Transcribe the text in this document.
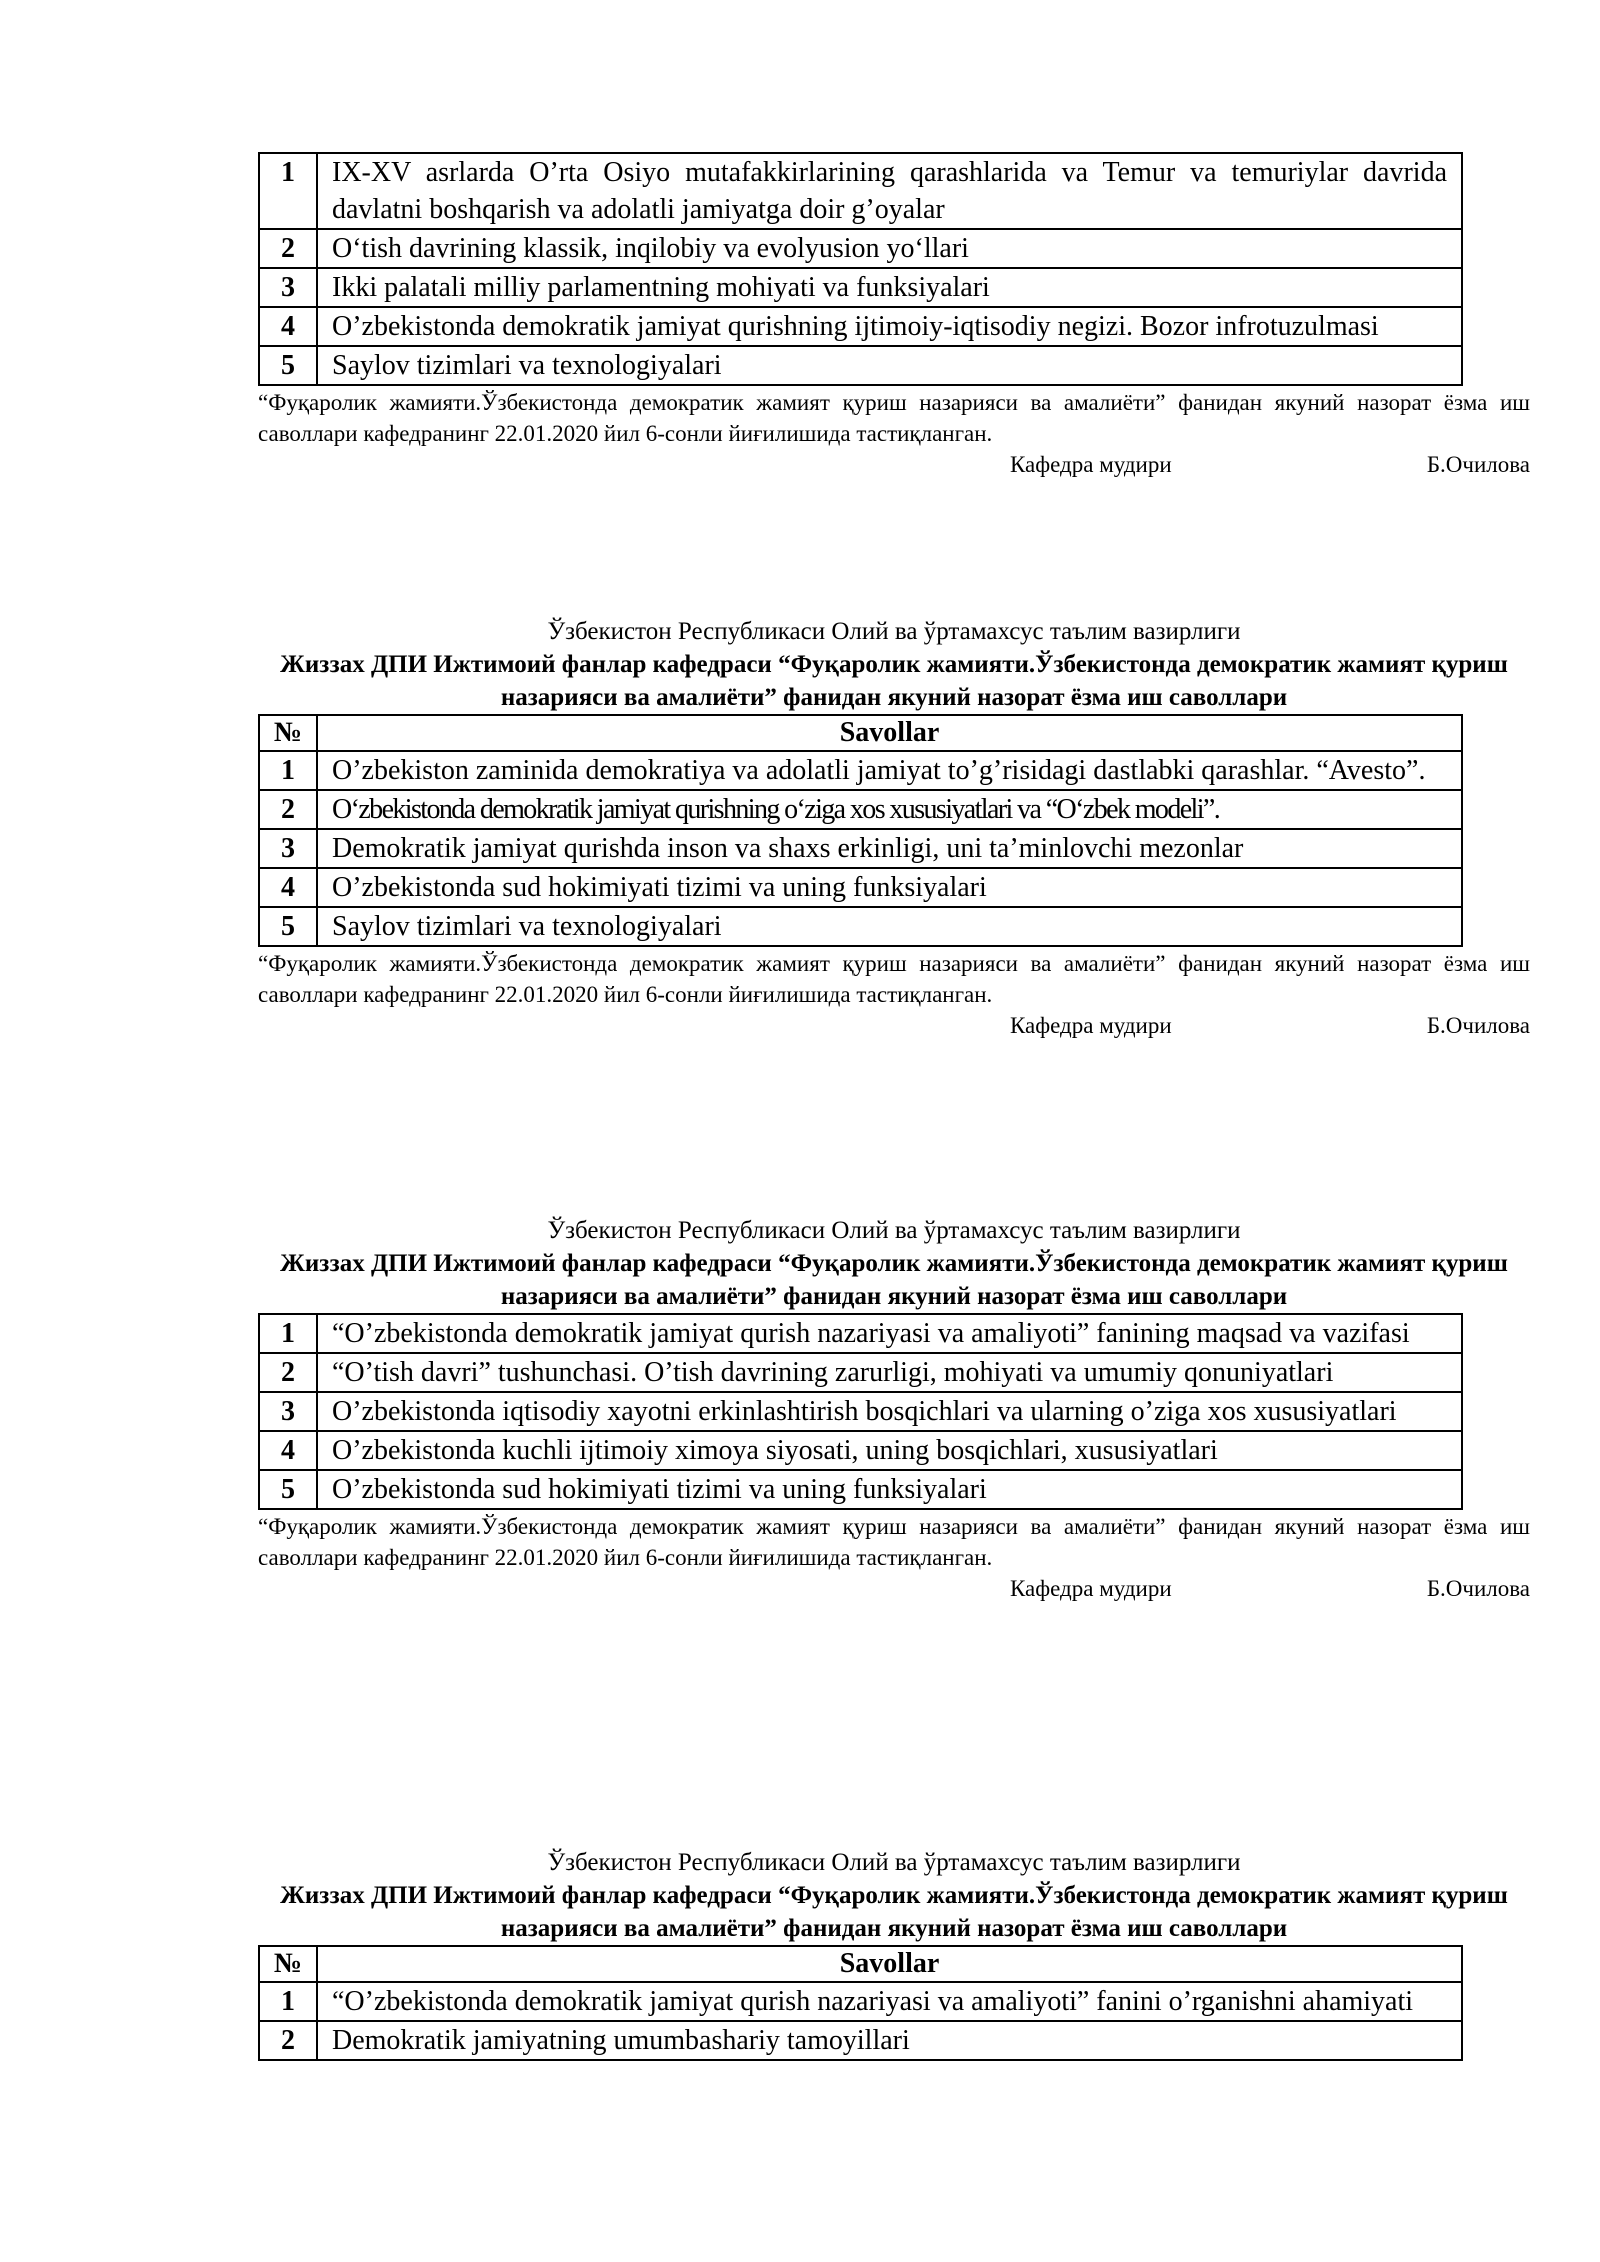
1	IX-XV asrlarda O’rta Osiyo mutafakkirlarining qarashlarida va Temur va temuriylar davrida davlatni boshqarish va adolatli jamiyatga doir g’oyalar
2	O‘tish davrining klassik, inqilobiy va evolyusion yo‘llari
3	Ikki palatali milliy parlamentning mohiyati va funksiyalari
4	O’zbekistonda demokratik jamiyat qurishning ijtimoiy-iqtisodiy negizi. Bozor infrotuzulmasi
5	Saylov tizimlari va texnologiyalari
“Фуқаролик жамияти.Ўзбекистонда демократик жамият қуриш назарияси ва амалиёти” фанидан якуний назорат ёзма иш саволлари кафедранинг 22.01.2020 йил 6-сонли йиғилишида тастиқланган.
Кафедра мудири	Б.Очилова
Ўзбекистон Республикаси Олий ва ўртамахсус таълим вазирлиги
Жиззах ДПИ Ижтимоий фанлар кафедраси “Фуқаролик жамияти.Ўзбекистонда демократик жамият қуриш назарияси ва амалиёти” фанидан якуний назорат ёзма иш саволлари
№	Savollar
1	O’zbekiston zaminida demokratiya va adolatli jamiyat to’g’risidagi dastlabki qarashlar. “Avesto”.
2	O‘zbekistonda demokratik jamiyat qurishning o‘ziga xos xususiyatlari va “O‘zbek modeli”.
3	Demokratik jamiyat qurishda inson va shaxs erkinligi, uni ta’minlovchi mezonlar
4	O’zbekistonda sud hokimiyati tizimi va uning funksiyalari
5	Saylov tizimlari va texnologiyalari
“Фуқаролик жамияти.Ўзбекистонда демократик жамият қуриш назарияси ва амалиёти” фанидан якуний назорат ёзма иш саволлари кафедранинг 22.01.2020 йил 6-сонли йиғилишида тастиқланган.
Кафедра мудири	Б.Очилова
Ўзбекистон Республикаси Олий ва ўртамахсус таълим вазирлиги
Жиззах ДПИ Ижтимоий фанлар кафедраси “Фуқаролик жамияти.Ўзбекистонда демократик жамият қуриш назарияси ва амалиёти” фанидан якуний назорат ёзма иш саволлари
1	“O’zbekistonda demokratik jamiyat qurish nazariyasi va amaliyoti” fanining maqsad va vazifasi
2	“O’tish davri” tushunchasi. O’tish davrining zarurligi, mohiyati va umumiy qonuniyatlari
3	O’zbekistonda iqtisodiy xayotni erkinlashtirish bosqichlari va ularning o’ziga xos xususiyatlari
4	O’zbekistonda kuchli ijtimoiy ximoya siyosati, uning bosqichlari, xususiyatlari
5	O’zbekistonda sud hokimiyati tizimi va uning funksiyalari
“Фуқаролик жамияти.Ўзбекистонда демократик жамият қуриш назарияси ва амалиёти” фанидан якуний назорат ёзма иш саволлари кафедранинг 22.01.2020 йил 6-сонли йиғилишида тастиқланган.
Кафедра мудири	Б.Очилова
Ўзбекистон Республикаси Олий ва ўртамахсус таълим вазирлиги
Жиззах ДПИ Ижтимоий фанлар кафедраси “Фуқаролик жамияти.Ўзбекистонда демократик жамият қуриш назарияси ва амалиёти” фанидан якуний назорат ёзма иш саволлари
№	Savollar
1	“O’zbekistonda demokratik jamiyat qurish nazariyasi va amaliyoti” fanini o’rganishni ahamiyati
2	Demokratik jamiyatning umumbashariy tamoyillari
